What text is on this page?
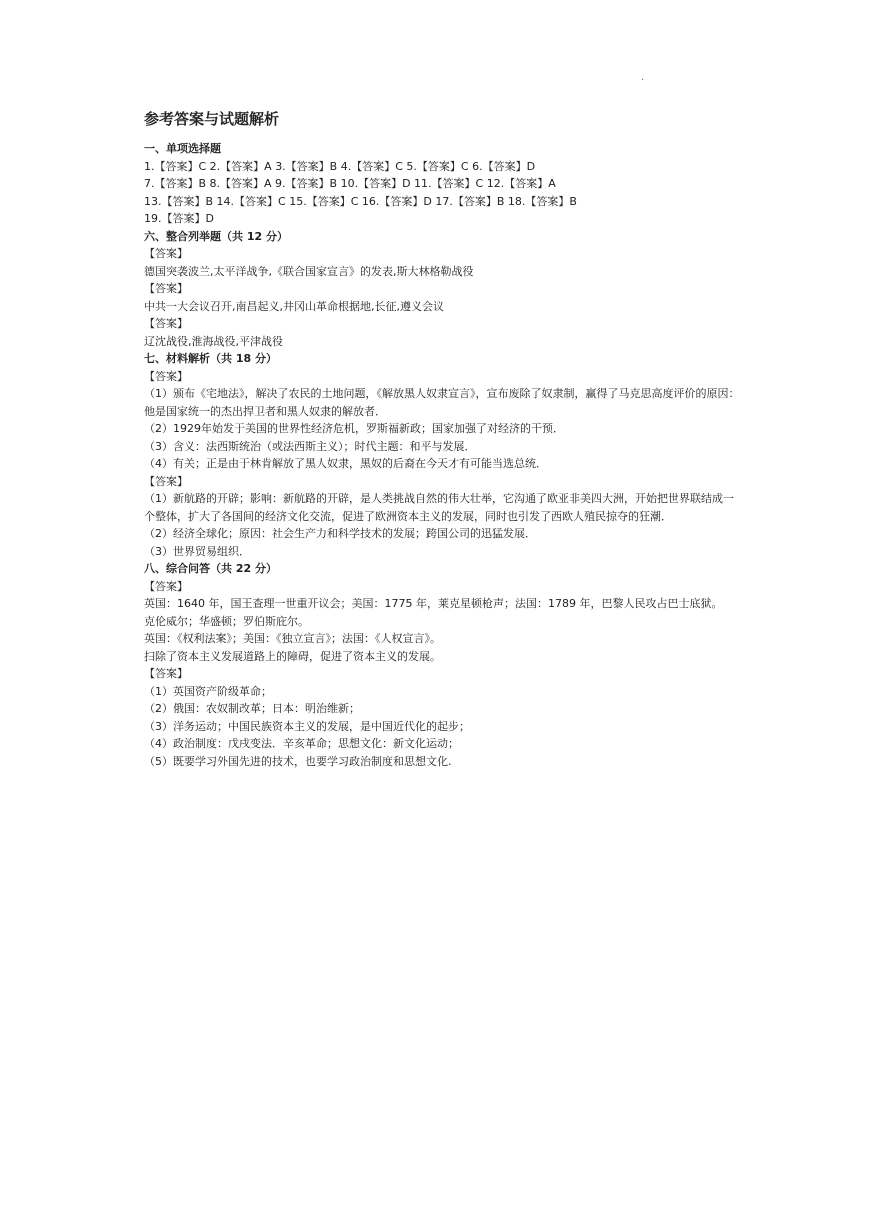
.
参考答案与试题解析
一、单项选择题
1.【答案】C 2.【答案】A 3.【答案】B 4.【答案】C 5.【答案】C 6.【答案】D
7.【答案】B 8.【答案】A 9.【答案】B 10.【答案】D 11.【答案】C 12.【答案】A
13.【答案】B 14.【答案】C 15.【答案】C 16.【答案】D 17.【答案】B 18.【答案】B
19.【答案】D
六、整合列举题（共 12 分）
【答案】
德国突袭波兰,太平洋战争,《联合国家宣言》的发表,斯大林格勒战役
【答案】
中共一大会议召开,南昌起义,井冈山革命根据地,长征,遵义会议
【答案】
辽沈战役,淮海战役,平津战役
七、材料解析（共 18 分）
【答案】
（1）颁布《宅地法》，解决了农民的土地问题，《解放黑人奴隶宣言》，宣布废除了奴隶制，赢得了马克思高度评价的原因：他是国家统一的杰出捍卫者和黑人奴隶的解放者．
（2）1929年始发于美国的世界性经济危机，罗斯福新政；国家加强了对经济的干预．
（3）含义：法西斯统治（或法西斯主义）；时代主题：和平与发展．
（4）有关；正是由于林肯解放了黑人奴隶，黑奴的后裔在今天才有可能当选总统．
【答案】
（1）新航路的开辟；影响：新航路的开辟，是人类挑战自然的伟大壮举，它沟通了欧亚非美四大洲，开始把世界联结成一个整体，扩大了各国间的经济文化交流，促进了欧洲资本主义的发展，同时也引发了西欧人殖民掠夺的狂潮．
（2）经济全球化；原因：社会生产力和科学技术的发展；跨国公司的迅猛发展．
（3）世界贸易组织．
八、综合问答（共 22 分）
【答案】
英国：1640 年，国王查理一世重开议会；美国：1775 年，莱克星顿枪声；法国：1789 年，巴黎人民攻占巴士底狱。
克伦威尔；华盛顿；罗伯斯庇尔。
英国：《权利法案》；美国：《独立宣言》；法国：《人权宣言》。
扫除了资本主义发展道路上的障碍，促进了资本主义的发展。
【答案】
（1）英国资产阶级革命；
（2）俄国：农奴制改革；日本：明治维新；
（3）洋务运动；中国民族资本主义的发展，是中国近代化的起步；
（4）政治制度：戊戌变法．辛亥革命；思想文化：新文化运动；
（5）既要学习外国先进的技术，也要学习政治制度和思想文化.
